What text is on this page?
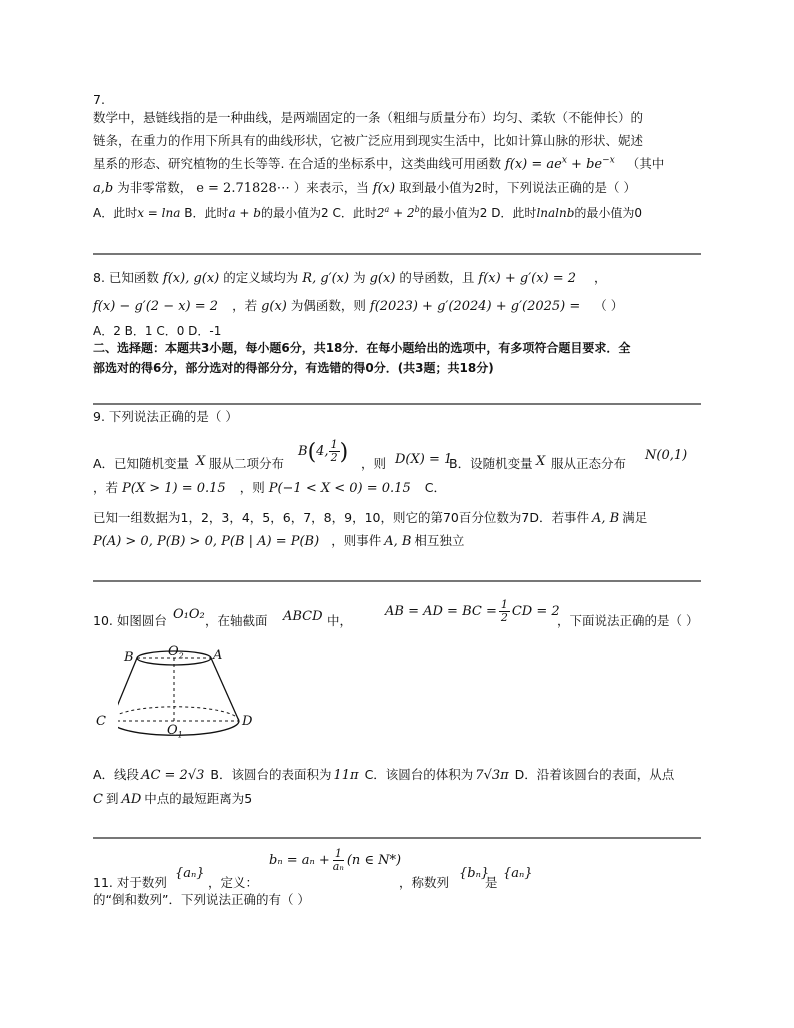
7.
数学中，悬链线指的是一种曲线，是两端固定的一条（粗细与质量分布）均匀、柔软（不能伸长）的
链条，在重力的作用下所具有的曲线形状，它被广泛应用到现实生活中，比如计算山脉的形状、妮述
星系的形态、研究植物的生长等等. 在合适的坐标系中，这类曲线可用函数 $f(x) = ae^x + be^{-x}$ （其中
a,b 为非零常数， e = 2.71828⋯ ）来表示，当 f(x) 取到最小值为2时，下列说法正确的是（ ）
A．此时x = lna B．此时a + b的最小值为2 C．此时$2^a + 2^b$的最小值为2 D．此时lnalnb的最小值为0
8. 已知函数 f(x), g(x) 的定义域均为 R, g′(x) 为 g(x) 的导函数，且 f(x) + g′(x) = 2 ，
f(x) − g′(2 − x) = 2 ，若 g(x) 为偶函数，则 f(2023) + g′(2024) + g′(2025) = （ ）
A．2 B．1 C．0 D．-1
二、选择题：本题共3小题，每小题6分，共18分．在每小题给出的选项中，有多项符合题目要求．全
部选对的得6分，部分选对的得部分分，有选错的得0分．(共3题；共18分)
9. 下列说法正确的是（ ）
A．已知随机变量 X 服从二项分布
B(4, $\frac{1}{2}$ ) ，则 D(X) = 1
B．设随机变量 X 服从正态分布
N(0,1)
，若 P(X > 1) = 0.15 ，则 P(−1 < X < 0) = 0.15 C．
已知一组数据为1，2，3，4，5，6，7，8，9，10，则它的第70百分位数为7D．若事件 A, B 满足
P(A) > 0, P(B) > 0, P(B | A) = P(B) ，则事件 A, B 相互独立
10. 如图圆台 O₁O₂ ，在轴截面 ABCD 中，
AB = AD = BC = $\frac{1}{2}$ CD = 2
，下面说法正确的是（ ）
B	$O_2$ A
C	D
$O_1$
A．线段 AC = 2√3 B．该圆台的表面积为 11π C．该圆台的体积为 7√3π D．沿着该圆台的表面，从点
C 到 AD 中点的最短距离为5
11. 对于数列
{aₙ}
，定义：
$b_n = a_n + \frac{1}{\text{aₙ}} (n$ ∈ N*)
，称数列
{bₙ}
是
{aₙ}
的“倒和数列”．下列说法正确的有（ ）
